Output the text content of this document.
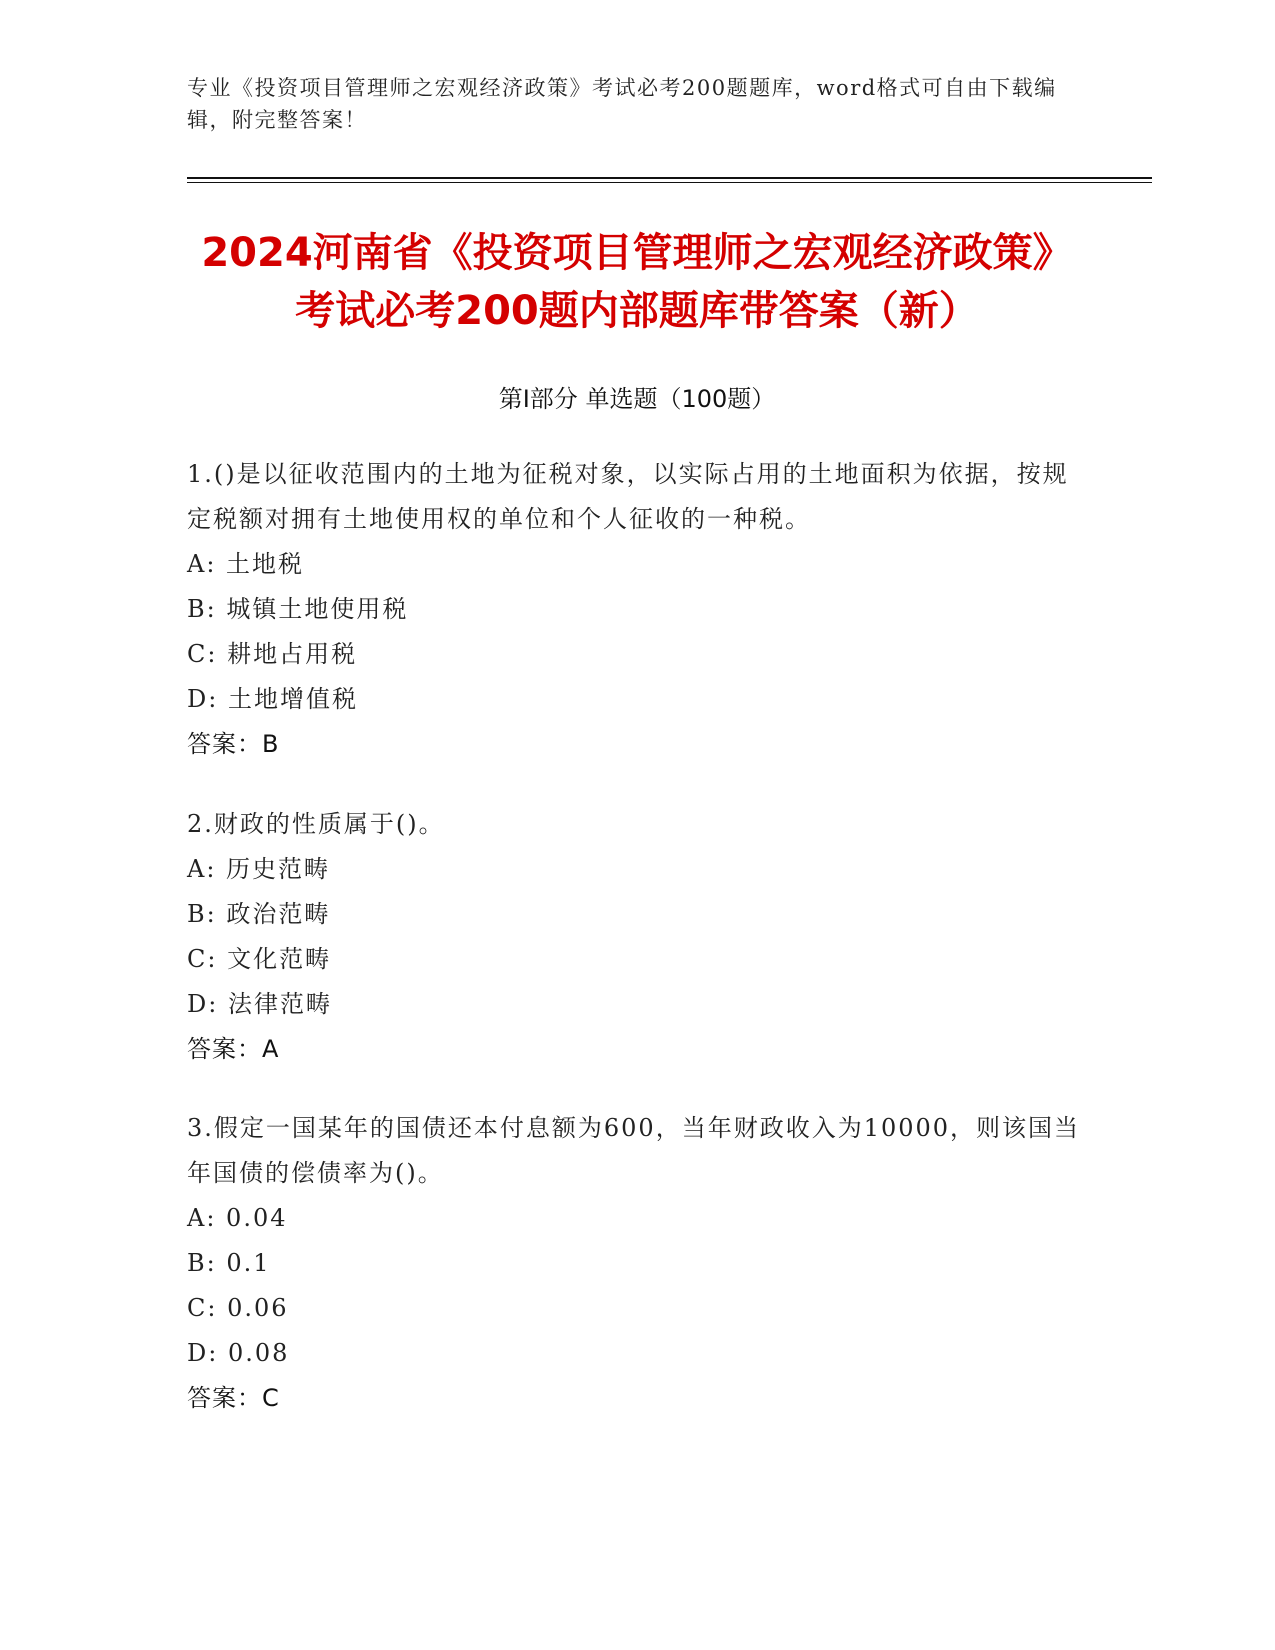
专业《投资项目管理师之宏观经济政策》考试必考200题题库，word格式可自由下载编辑，附完整答案！
2024河南省《投资项目管理师之宏观经济政策》考试必考200题内部题库带答案（新）
第I部分 单选题（100题）
1.()是以征收范围内的土地为征税对象，以实际占用的土地面积为依据，按规定税额对拥有土地使用权的单位和个人征收的一种税。
A: 土地税
B: 城镇土地使用税
C: 耕地占用税
D: 土地增值税
答案：B
2.财政的性质属于()。
A: 历史范畴
B: 政治范畴
C: 文化范畴
D: 法律范畴
答案：A
3.假定一国某年的国债还本付息额为600，当年财政收入为10000，则该国当年国债的偿债率为()。
A: 0.04
B: 0.1
C: 0.06
D: 0.08
答案：C
